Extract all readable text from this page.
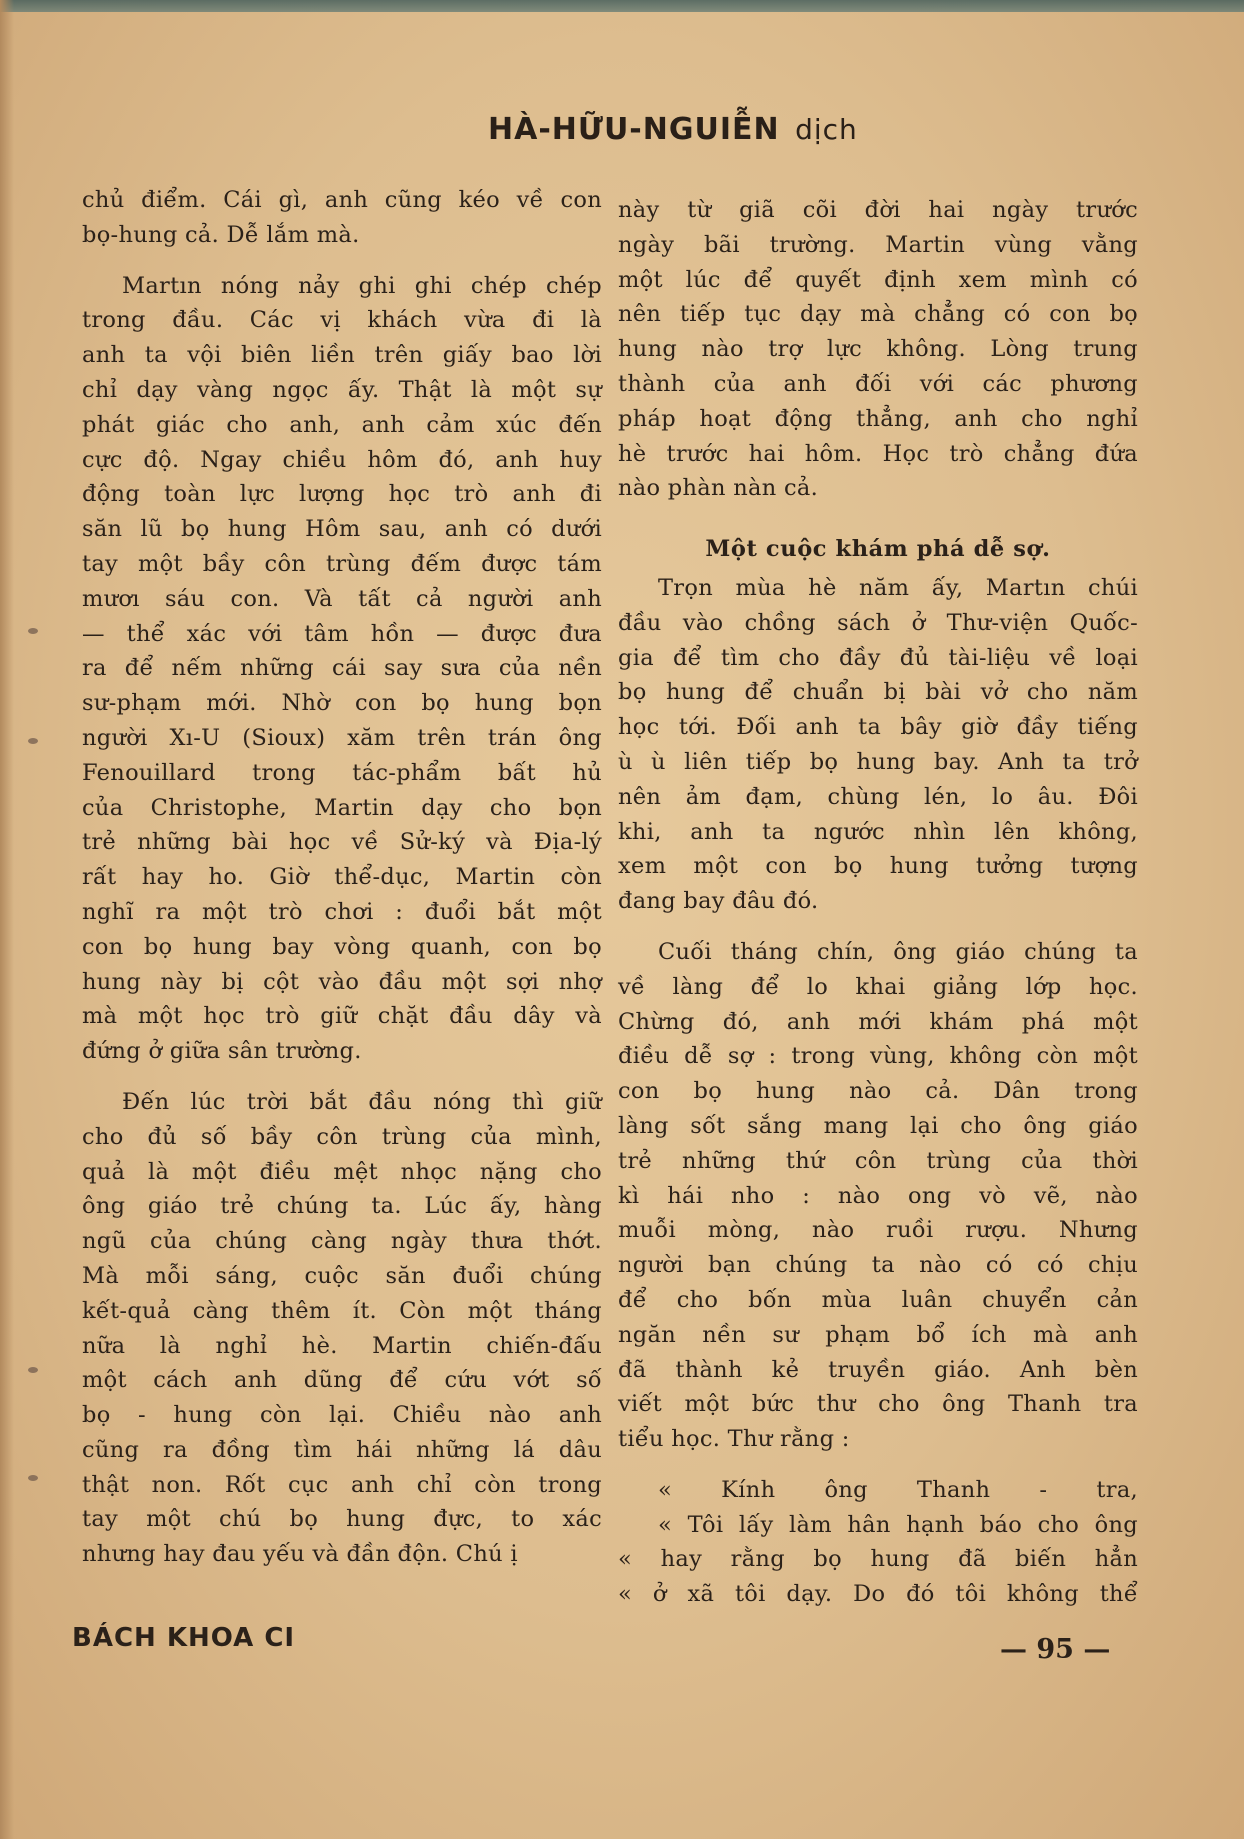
HÀ-HỮU-NGUIỄN dịch
chủ điểm. Cái gì, anh cũng kéo về con
bọ-hung cả. Dễ lắm mà.
Martın nóng nảy ghi ghi chép chép
trong đầu. Các vị khách vừa đi là
anh ta vội biên liền trên giấy bao lời
chỉ dạy vàng ngọc ấy. Thật là một sự
phát giác cho anh, anh cảm xúc đến
cực độ. Ngay chiều hôm đó, anh huy
động toàn lực lượng học trò anh đi
săn lũ bọ hung Hôm sau, anh có dưới
tay một bầy côn trùng đếm được tám
mươı sáu con. Và tất cả người anh
— thể xác với tâm hồn — được đưa
ra để nếm những cái say sưa của nền
sư-phạm mới. Nhờ con bọ hung bọn
người Xı-U (Sioux) xăm trên trán ông
Fenouillard trong tác-phẩm bất hủ
của Christophe, Martin dạy cho bọn
trẻ những bài học về Sử-ký và Địa-lý
rất hay ho. Giờ thể-dục, Martin còn
nghĩ ra một trò chơi : đuổi bắt một
con bọ hung bay vòng quanh, con bọ
hung này bị cột vào đầu một sợi nhợ
mà một học trò giữ chặt đầu dây và
đứng ở giữa sân trường.
Đến lúc trời bắt đầu nóng thì giữ
cho đủ số bầy côn trùng của mình,
quả là một điều mệt nhọc nặng cho
ông giáo trẻ chúng ta. Lúc ấy, hàng
ngũ của chúng càng ngày thưa thớt.
Mà mỗi sáng, cuộc săn đuổi chúng
kết-quả càng thêm ít. Còn một tháng
nữa là nghỉ hè. Martin chiến-đấu
một cách anh dũng để cứu vớt số
bọ - hung còn lại. Chiều nào anh
cũng ra đồng tìm hái những lá dâu
thật non. Rốt cục anh chỉ còn trong
tay một chú bọ hung đực, to xác
nhưng hay đau yếu và đần độn. Chú ị
này từ giã cõi đời hai ngày trước
ngày bãi trường. Martin vùng vằng
một lúc để quyết định xem mình có
nên tiếp tục dạy mà chẳng có con bọ
hung nào trợ lực không. Lòng trung
thành của anh đối với các phương
pháp hoạt động thẳng, anh cho nghỉ
hè trước hai hôm. Học trò chẳng đứa
nào phàn nàn cả.
Một cuộc khám phá dễ sợ.
Trọn mùa hè năm ấy, Martın chúi
đầu vào chồng sách ở Thư-viện Quốc-
gia để tìm cho đầy đủ tài-liệu về loại
bọ hung để chuẩn bị bài vở cho năm
học tới. Đối anh ta bây giờ đầy tiếng
ù ù liên tiếp bọ hung bay. Anh ta trở
nên ảm đạm, chùng lén, lo âu. Đôi
khi, anh ta ngước nhìn lên không,
xem một con bọ hung tưởng tượng
đang bay đâu đó.
Cuối tháng chín, ông giáo chúng ta
về làng để lo khai giảng lớp học.
Chừng đó, anh mới khám phá một
điều dễ sợ : trong vùng, không còn một
con bọ hung nào cả. Dân trong
làng sốt sắng mang lại cho ông giáo
trẻ những thứ côn trùng của thời
kì hái nho : nào ong vò vẽ, nào
muỗi mòng, nào ruồi rượu. Nhưng
người bạn chúng ta nào có có chịu
để cho bốn mùa luân chuyển cản
ngăn nền sư phạm bổ ích mà anh
đã thành kẻ truyền giáo. Anh bèn
viết một bức thư cho ông Thanh tra
tiểu học. Thư rằng :
« Kính ông Thanh - tra,
« Tôi lấy làm hân hạnh báo cho ông
« hay rằng bọ hung đã biến hẳn
« ở xã tôi dạy. Do đó tôi không thể
BÁCH KHOA CI	— 95 —
